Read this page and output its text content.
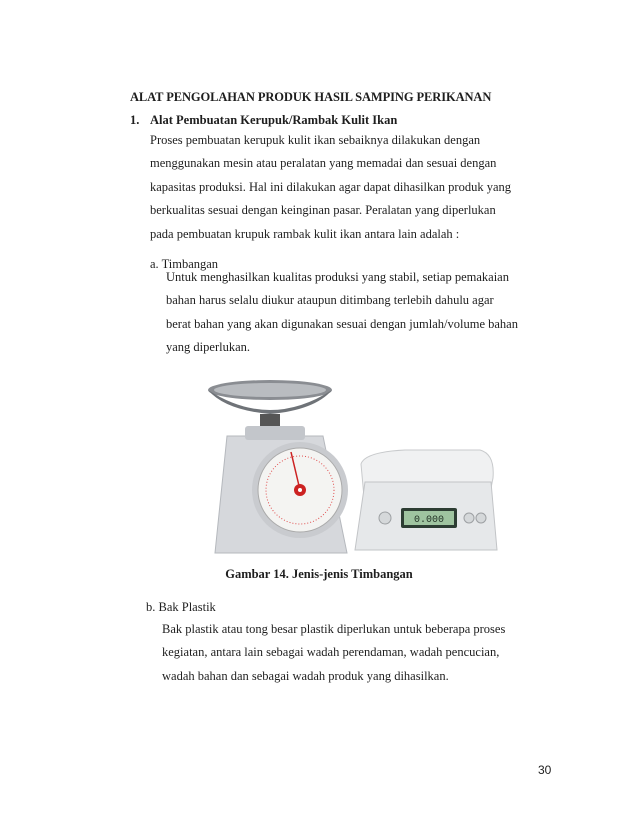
ALAT PENGOLAHAN PRODUK HASIL SAMPING PERIKANAN
1. Alat Pembuatan Kerupuk/Rambak Kulit Ikan
Proses pembuatan kerupuk kulit ikan sebaiknya dilakukan dengan
menggunakan mesin atau peralatan yang memadai dan sesuai dengan
kapasitas produksi. Hal ini dilakukan agar dapat dihasilkan produk yang
berkualitas sesuai dengan keinginan pasar. Peralatan yang diperlukan
pada pembuatan krupuk rambak kulit ikan antara lain adalah :
a. Timbangan
Untuk menghasilkan kualitas produksi yang stabil, setiap pemakaian
bahan harus selalu diukur ataupun ditimbang terlebih dahulu agar
berat bahan yang akan digunakan sesuai dengan jumlah/volume bahan
yang diperlukan.
0.000
Gambar 14. Jenis-jenis Timbangan
b. Bak Plastik
Bak plastik atau tong besar plastik diperlukan untuk beberapa proses
kegiatan, antara lain sebagai wadah perendaman, wadah pencucian,
wadah bahan dan sebagai wadah produk yang dihasilkan.
30
